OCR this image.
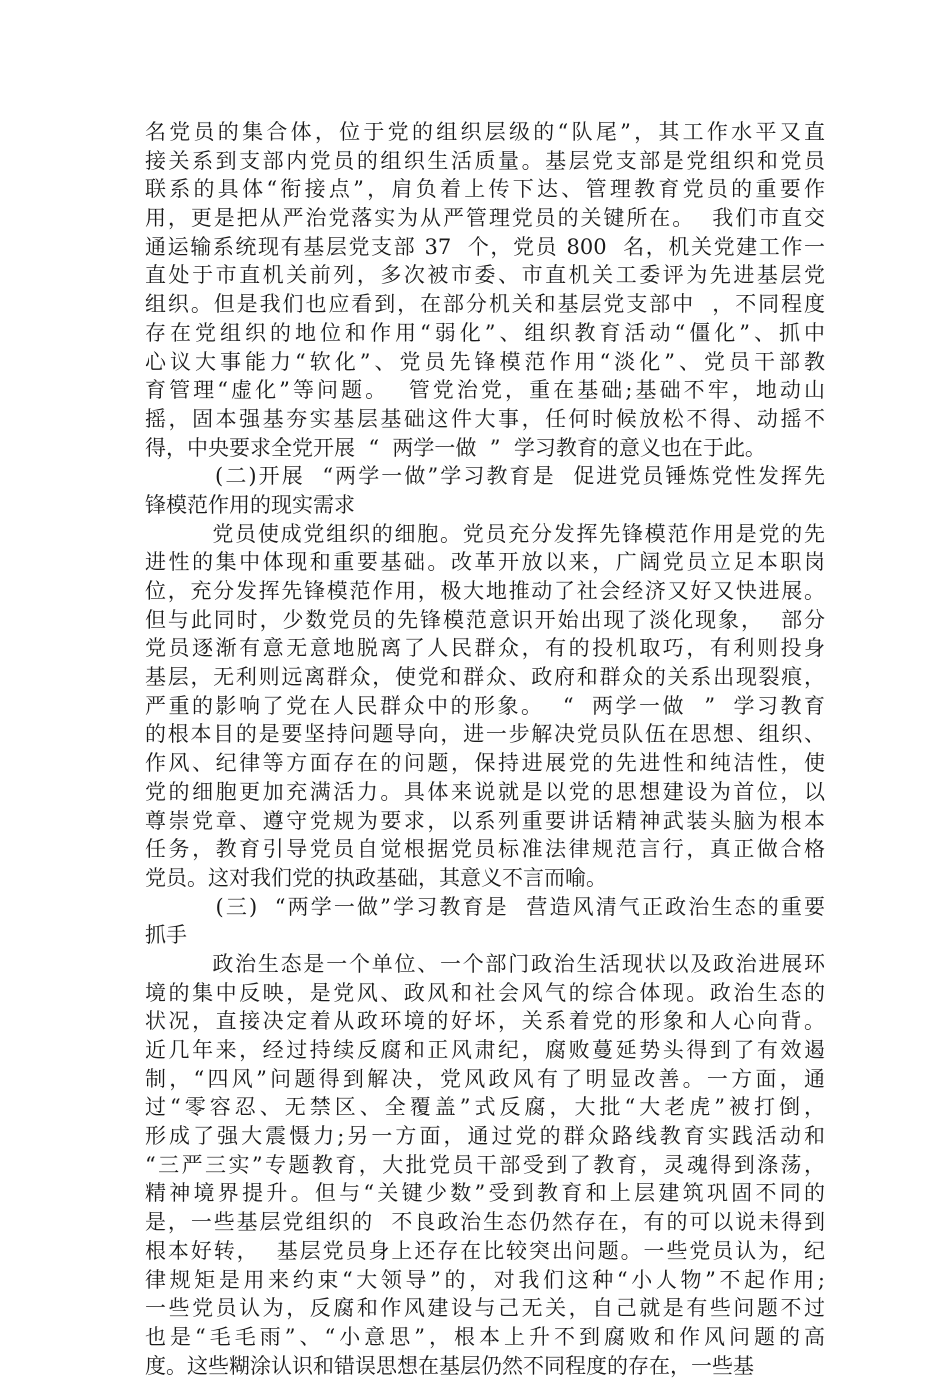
名党员的集合体，位于党的组织层级的“队尾”，其工作水平又直
接关系到支部内党员的组织生活质量。基层党支部是党组织和党员
联系的具体“衔接点”，肩负着上传下达、管理教育党员的重要作
用，更是把从严治党落实为从严管理党员的关键所在。  我们市直交
通运输系统现有基层党支部 37  个，党员 800  名，机关党建工作一
直处于市直机关前列，多次被市委、市直机关工委评为先进基层党
组织。但是我们也应看到，在部分机关和基层党支部中  ，不同程度
存在党组织的地位和作用“弱化”、组织教育活动“僵化”、抓中
心议大事能力“软化”、党员先锋模范作用“淡化”、党员干部教
育管理“虚化”等问题。  管党治党，重在基础;基础不牢，地动山
摇，固本强基夯实基层基础这件大事，任何时候放松不得、动摇不
得，中央要求全党开展  “  两学一做  ”  学习教育的意义也在于此。
(二)开展  “两学一做”学习教育是  促进党员锤炼党性发挥先
锋模范作用的现实需求
党员使成党组织的细胞。党员充分发挥先锋模范作用是党的先
进性的集中体现和重要基础。改革开放以来，广阔党员立足本职岗
位，充分发挥先锋模范作用，极大地推动了社会经济又好又快进展。
但与此同时，少数党员的先锋模范意识开始出现了淡化现象，  部分
党员逐渐有意无意地脱离了人民群众，有的投机取巧，有利则投身
基层，无利则远离群众，使党和群众、政府和群众的关系出现裂痕，
严重的影响了党在人民群众中的形象。  “  两学一做  ”  学习教育
的根本目的是要坚持问题导向，进一步解决党员队伍在思想、组织、
作风、纪律等方面存在的问题，保持进展党的先进性和纯洁性，使
党的细胞更加充满活力。具体来说就是以党的思想建设为首位，以
尊崇党章、遵守党规为要求，以系列重要讲话精神武装头脑为根本
任务，教育引导党员自觉根据党员标准法律规范言行，真正做合格
党员。这对我们党的执政基础，其意义不言而喻。
(三)  “两学一做”学习教育是  营造风清气正政治生态的重要
抓手
政治生态是一个单位、一个部门政治生活现状以及政治进展环
境的集中反映，是党风、政风和社会风气的综合体现。政治生态的
状况，直接决定着从政环境的好坏，关系着党的形象和人心向背。
近几年来，经过持续反腐和正风肃纪，腐败蔓延势头得到了有效遏
制，“四风”问题得到解决，党风政风有了明显改善。一方面，通
过“零容忍、无禁区、全覆盖”式反腐，大批“大老虎”被打倒，
形成了强大震慑力;另一方面，通过党的群众路线教育实践活动和
“三严三实”专题教育，大批党员干部受到了教育，灵魂得到涤荡，
精神境界提升。但与“关键少数”受到教育和上层建筑巩固不同的
是，一些基层党组织的  不良政治生态仍然存在，有的可以说未得到
根本好转，  基层党员身上还存在比较突出问题。一些党员认为，纪
律规矩是用来约束“大领导”的，对我们这种“小人物”不起作用;
一些党员认为，反腐和作风建设与己无关，自己就是有些问题不过
也是“毛毛雨”、“小意思”，根本上升不到腐败和作风问题的高
度。这些糊涂认识和错误思想在基层仍然不同程度的存在，一些基
